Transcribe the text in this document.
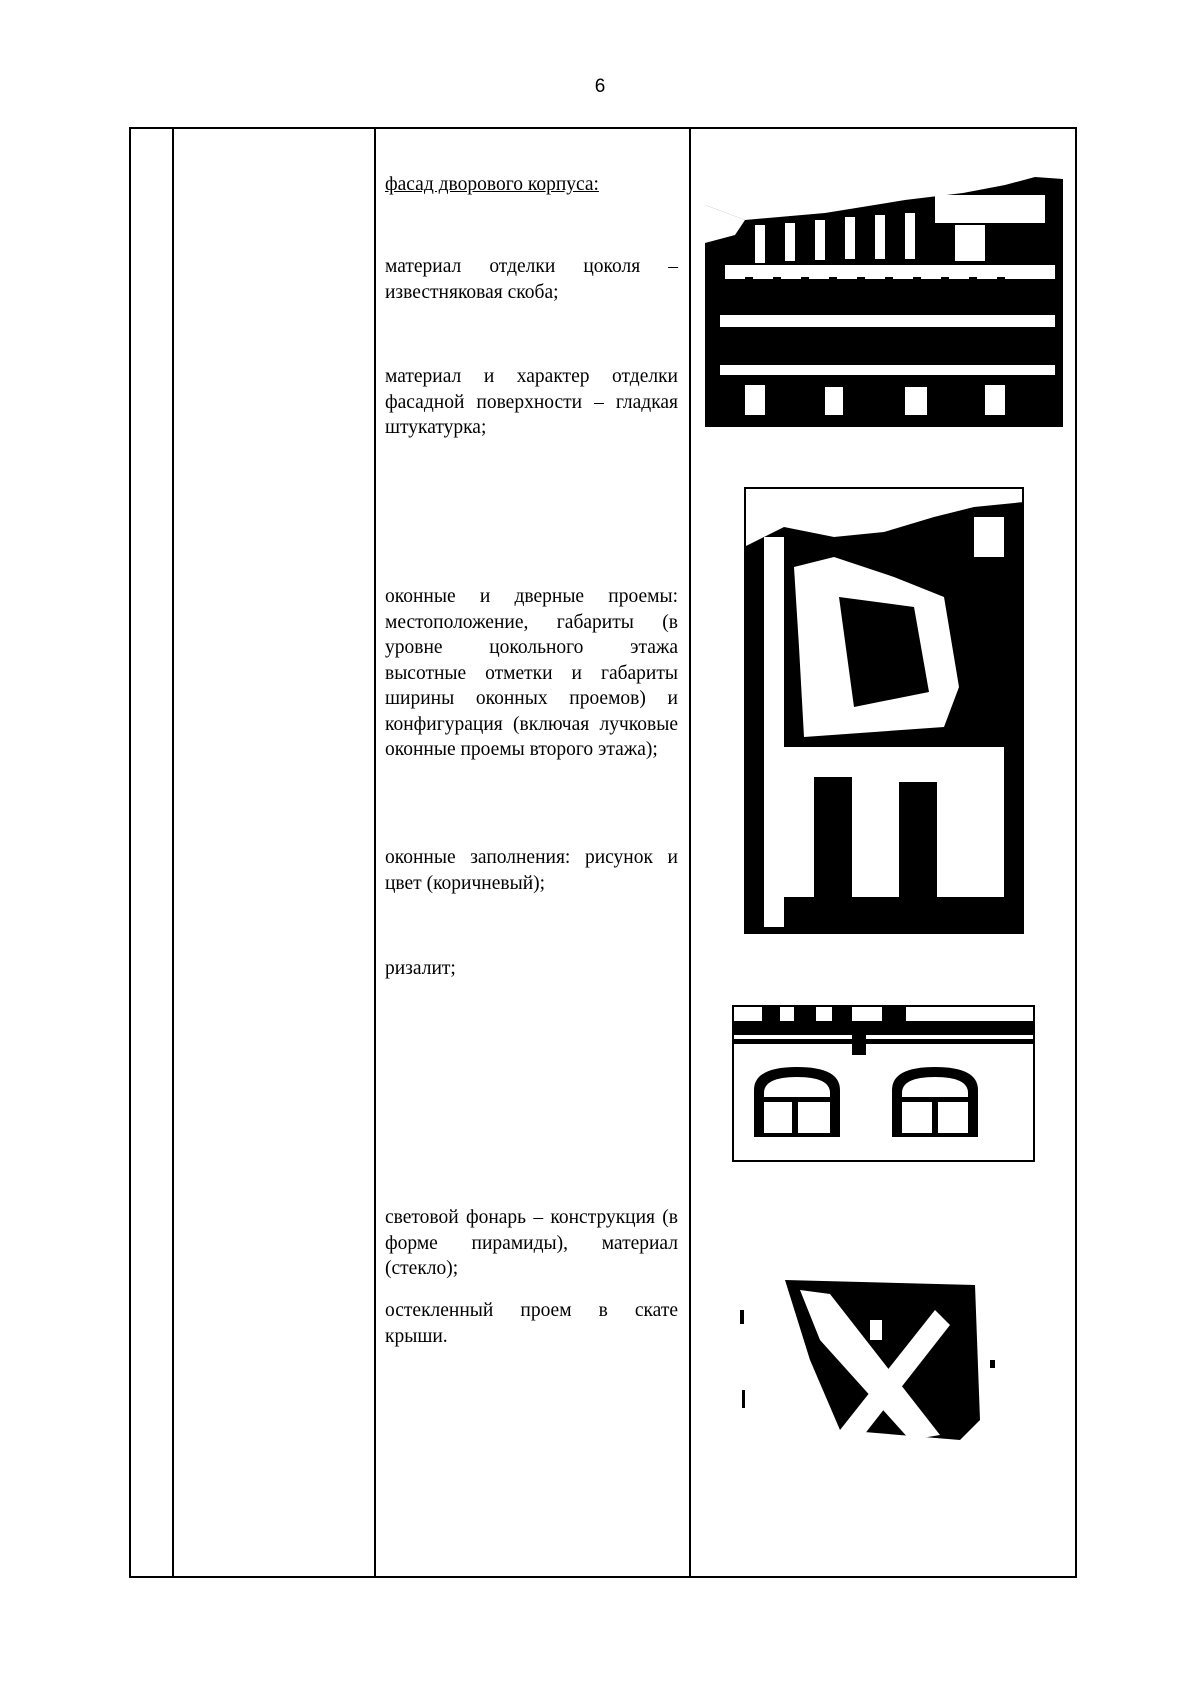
6
фасад дворового корпуса:
материал отделки цоколя – известняковая скоба;
материал и характер отделки фасадной поверхности – гладкая штукатурка;
оконные и дверные проемы: местоположение, габариты (в уровне цокольного этажа высотные отметки и габариты ширины оконных проемов) и конфигурация (включая лучковые оконные проемы второго этажа);
оконные заполнения: рисунок и цвет (коричневый);
ризалит;
световой фонарь – конструкция (в форме пирамиды), материал (стекло);
остекленный проем в скате крыши.
